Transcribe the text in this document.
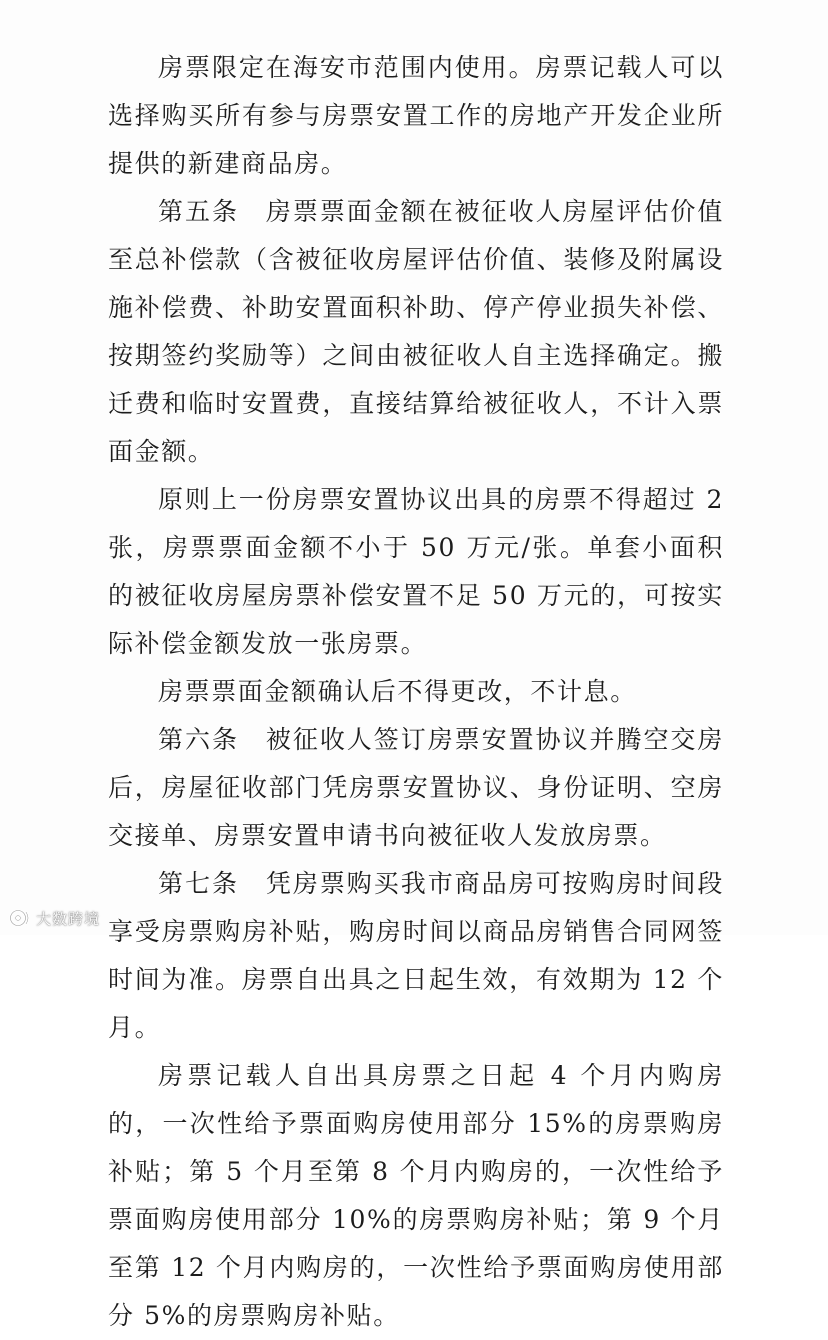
房票限定在海安市范围内使用。房票记载人可以选择购买所有参与房票安置工作的房地产开发企业所提供的新建商品房。

第五条　房票票面金额在被征收人房屋评估价值至总补偿款（含被征收房屋评估价值、装修及附属设施补偿费、补助安置面积补助、停产停业损失补偿、按期签约奖励等）之间由被征收人自主选择确定。搬迁费和临时安置费，直接结算给被征收人，不计入票面金额。

原则上一份房票安置协议出具的房票不得超过 2 张，房票票面金额不小于 50 万元/张。单套小面积的被征收房屋房票补偿安置不足 50 万元的，可按实际补偿金额发放一张房票。

房票票面金额确认后不得更改，不计息。

第六条　被征收人签订房票安置协议并腾空交房后，房屋征收部门凭房票安置协议、身份证明、空房交接单、房票安置申请书向被征收人发放房票。

第七条　凭房票购买我市商品房可按购房时间段享受房票购房补贴，购房时间以商品房销售合同网签时间为准。房票自出具之日起生效，有效期为 12 个月。

房票记载人自出具房票之日起 4 个月内购房的，一次性给予票面购房使用部分 15%的房票购房补贴；第 5 个月至第 8 个月内购房的，一次性给予票面购房使用部分 10%的房票购房补贴；第 9 个月至第 12 个月内购房的，一次性给予票面购房使用部分 5%的房票购房补贴。

大数跨境
